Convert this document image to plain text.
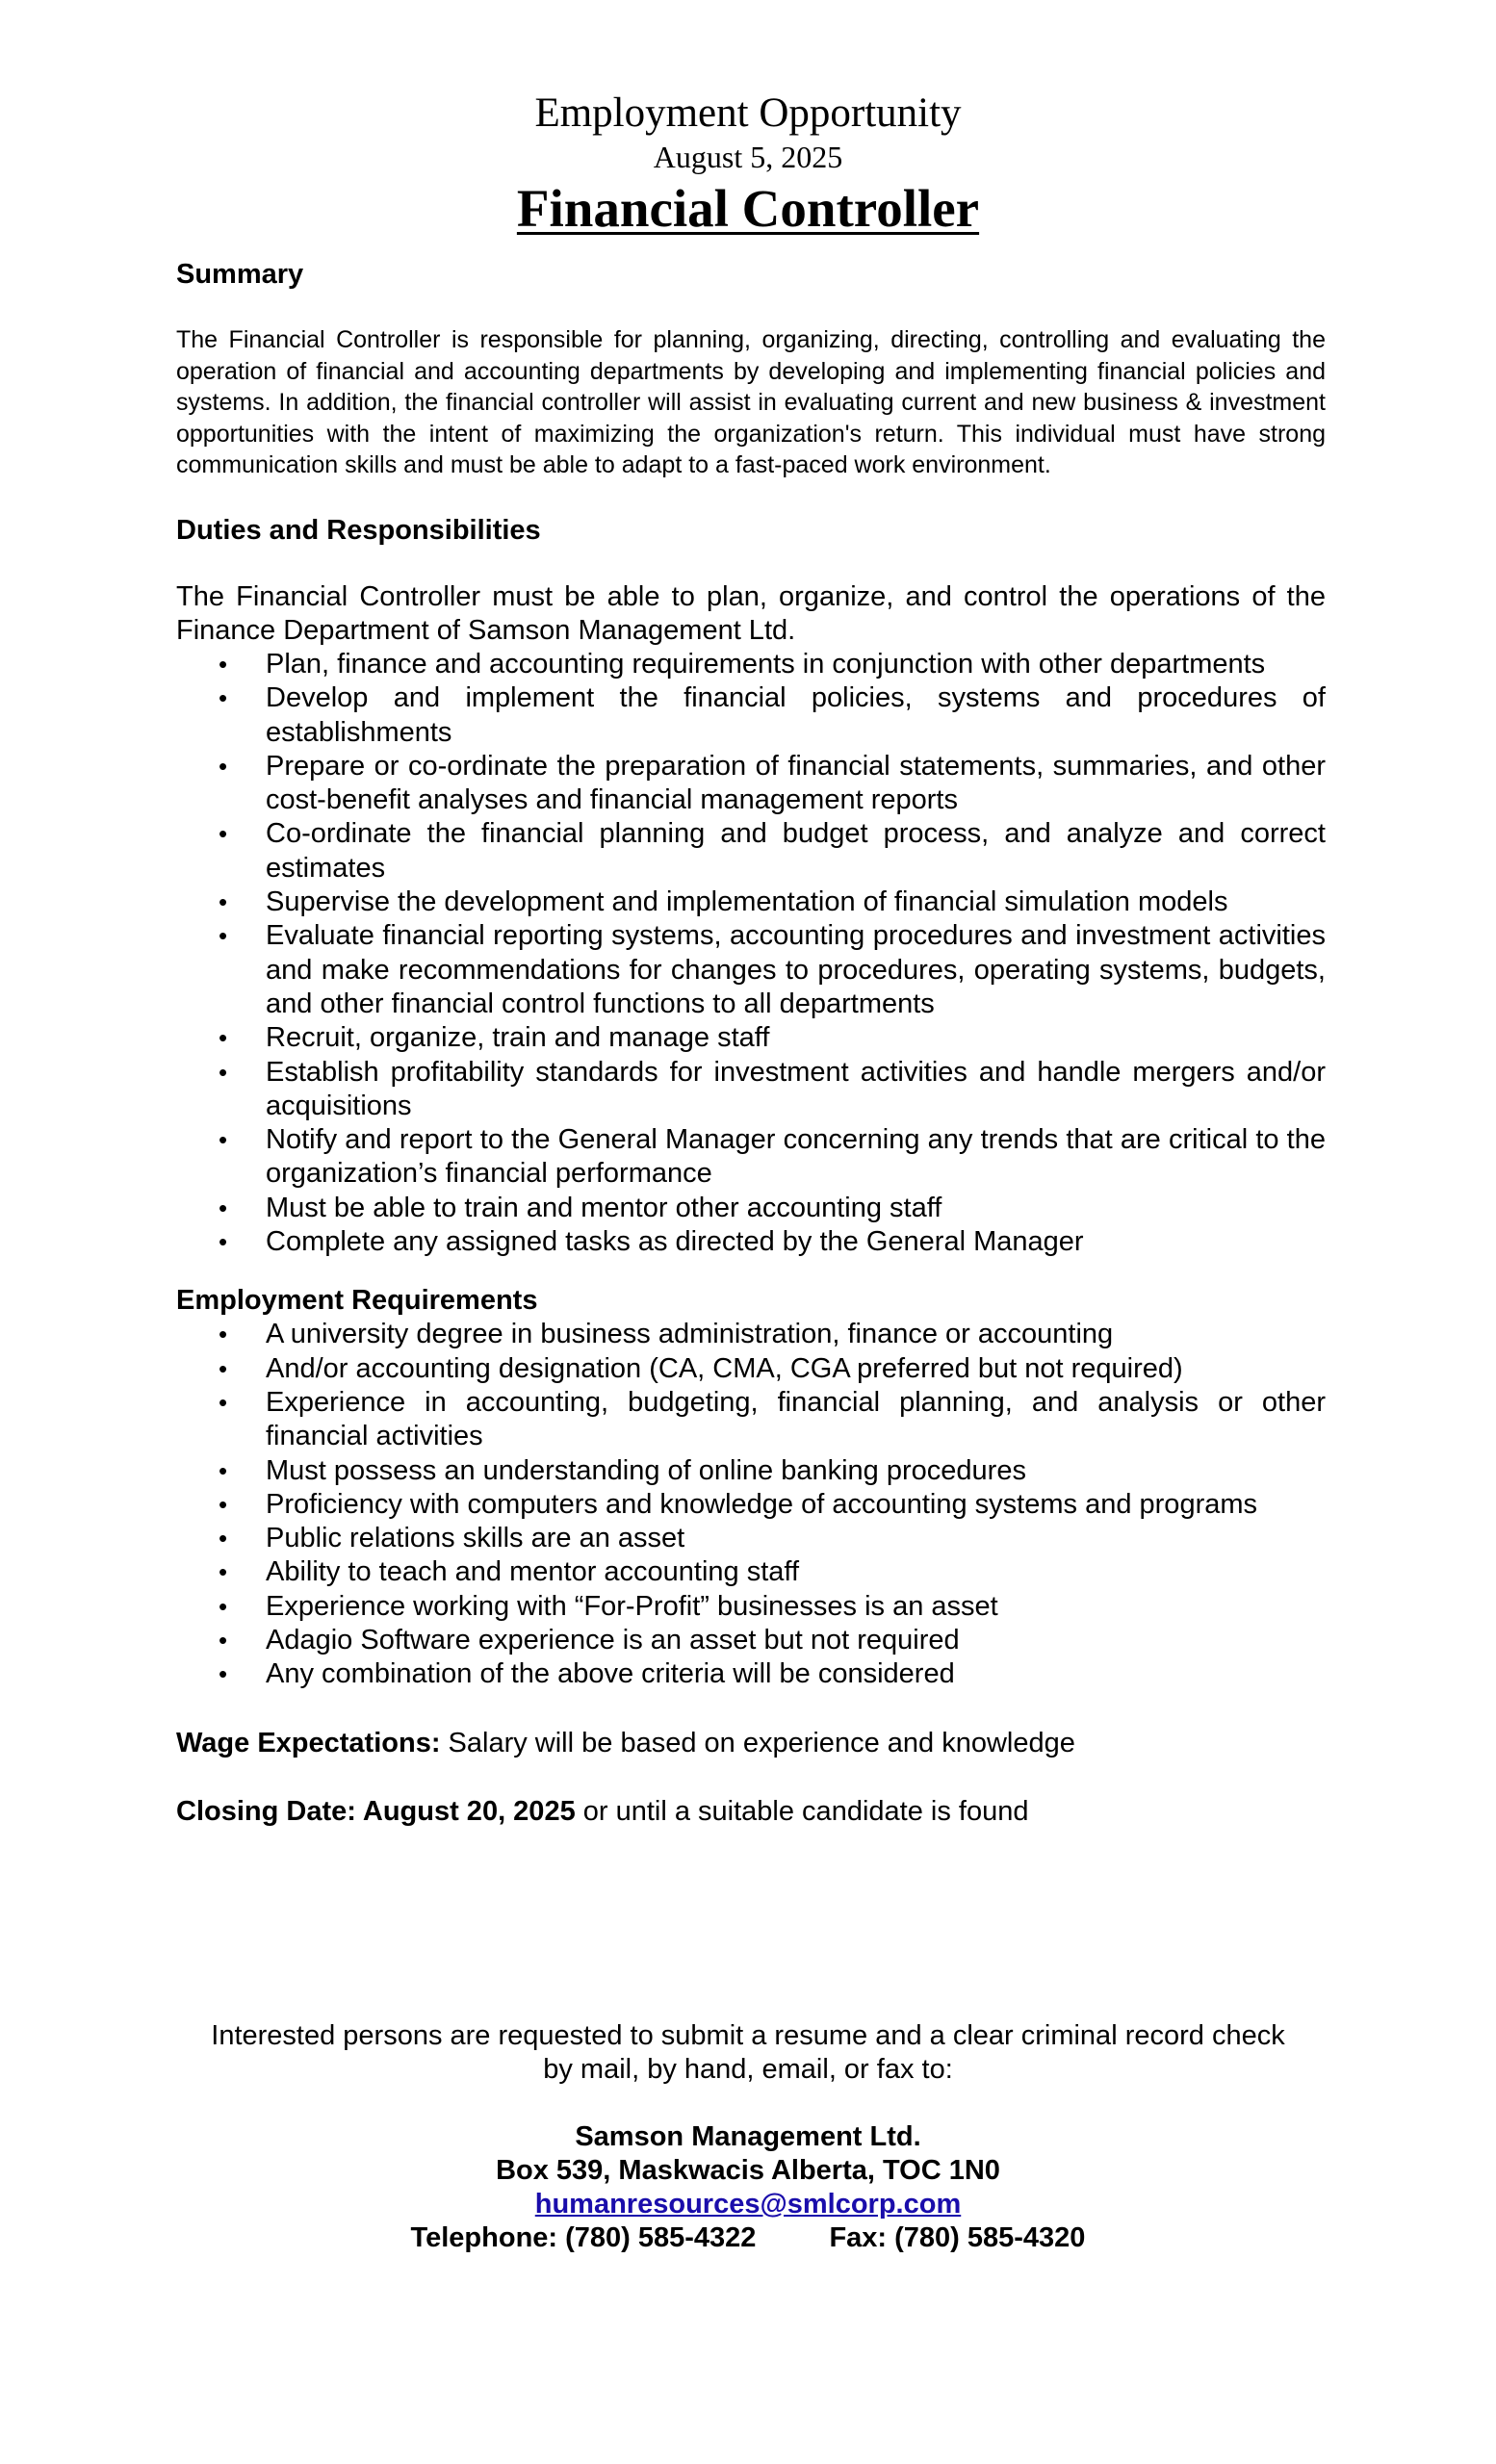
Employment Opportunity

August 5, 2025

Financial Controller

Summary

The Financial Controller is responsible for planning, organizing, directing, controlling and evaluating the operation of financial and accounting departments by developing and implementing financial policies and systems. In addition, the financial controller will assist in evaluating current and new business & investment opportunities with the intent of maximizing the organization's return. This individual must have strong communication skills and must be able to adapt to a fast-paced work environment.

Duties and Responsibilities

The Financial Controller must be able to plan, organize, and control the operations of the Finance Department of Samson Management Ltd.

• Plan, finance and accounting requirements in conjunction with other departments
• Develop and implement the financial policies, systems and procedures of establishments
• Prepare or co-ordinate the preparation of financial statements, summaries, and other cost-benefit analyses and financial management reports
• Co-ordinate the financial planning and budget process, and analyze and correct estimates
• Supervise the development and implementation of financial simulation models
• Evaluate financial reporting systems, accounting procedures and investment activities and make recommendations for changes to procedures, operating systems, budgets, and other financial control functions to all departments
• Recruit, organize, train and manage staff
• Establish profitability standards for investment activities and handle mergers and/or acquisitions
• Notify and report to the General Manager concerning any trends that are critical to the organization’s financial performance
• Must be able to train and mentor other accounting staff
• Complete any assigned tasks as directed by the General Manager

Employment Requirements

• A university degree in business administration, finance or accounting
• And/or accounting designation (CA, CMA, CGA preferred but not required)
• Experience in accounting, budgeting, financial planning, and analysis or other financial activities
• Must possess an understanding of online banking procedures
• Proficiency with computers and knowledge of accounting systems and programs
• Public relations skills are an asset
• Ability to teach and mentor accounting staff
• Experience working with “For-Profit” businesses is an asset
• Adagio Software experience is an asset but not required
• Any combination of the above criteria will be considered

Wage Expectations: Salary will be based on experience and knowledge

Closing Date: August 20, 2025 or until a suitable candidate is found

Interested persons are requested to submit a resume and a clear criminal record check

by mail, by hand, email, or fax to:

Samson Management Ltd.

Box 539, Maskwacis Alberta, TOC 1N0

humanresources@smlcorp.com

Telephone: (780) 585-4322	Fax: (780) 585-4320
